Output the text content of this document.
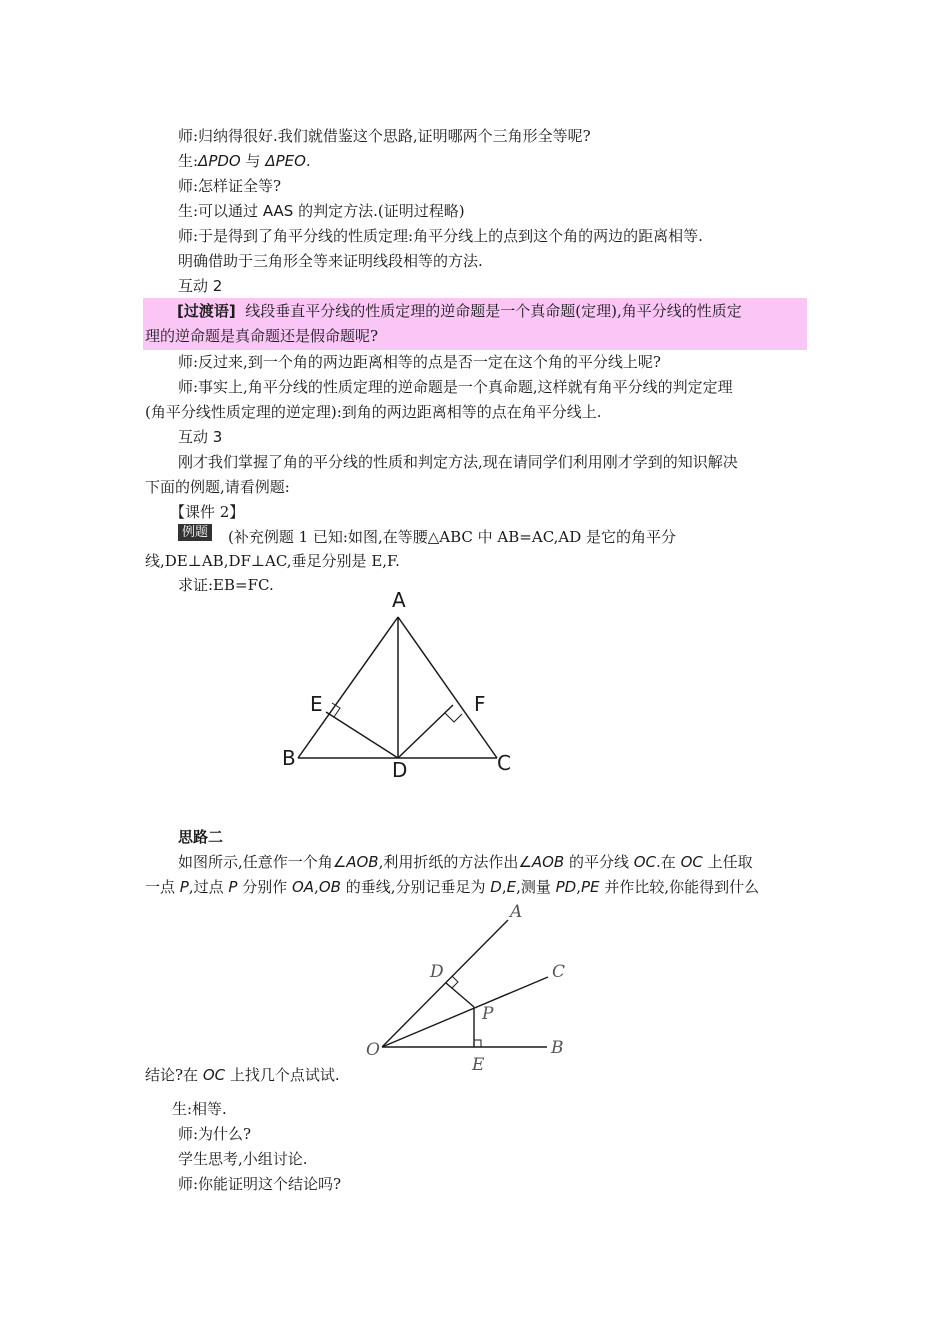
师:归纳得很好.我们就借鉴这个思路,证明哪两个三角形全等呢?
生:ΔPDO 与 ΔPEO.
师:怎样证全等?
生:可以通过 AAS 的判定方法.(证明过程略)
师:于是得到了角平分线的性质定理:角平分线上的点到这个角的两边的距离相等.
明确借助于三角形全等来证明线段相等的方法.
互动 2
[过渡语] 线段垂直平分线的性质定理的逆命题是一个真命题(定理),角平分线的性质定
理的逆命题是真命题还是假命题呢?
师:反过来,到一个角的两边距离相等的点是否一定在这个角的平分线上呢?
师:事实上,角平分线的性质定理的逆命题是一个真命题,这样就有角平分线的判定定理
(角平分线性质定理的逆定理):到角的两边距离相等的点在角平分线上.
互动 3
刚才我们掌握了角的平分线的性质和判定方法,现在请同学们利用刚才学到的知识解决
下面的例题,请看例题:
【课件 2】
例题 (补充例题 1 已知:如图,在等腰△ABC 中 AB=AC,AD 是它的角平分
线,DE⊥AB,DF⊥AC,垂足分别是 E,F.
求证:EB=FC.
A
E	F
B	D	C
思路二
如图所示,任意作一个角∠AOB,利用折纸的方法作出∠AOB 的平分线 OC.在 OC 上任取
一点 P,过点 P 分别作 OA,OB 的垂线,分别记垂足为 D,E,测量 PD,PE 并作比较,你能得到什么
A
C
D
P
O	B
E
结论?在 OC 上找几个点试试.
生:相等.
师:为什么?
学生思考,小组讨论.
师:你能证明这个结论吗?
